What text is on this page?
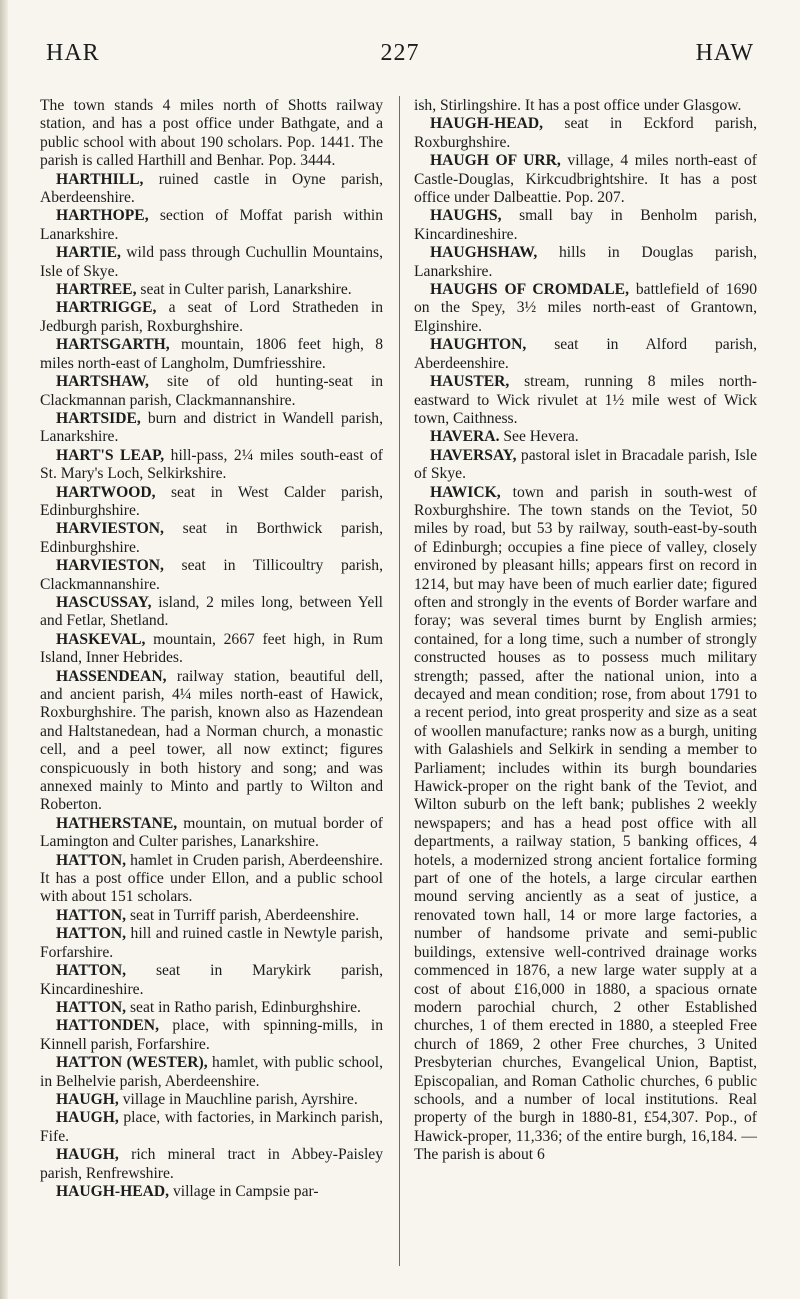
HAR	227	HAW

The town stands 4 miles north of Shotts railway station, and has a post office under Bathgate, and a public school with about 190 scholars. Pop. 1441. The parish is called Harthill and Benhar. Pop. 3444.

HARTHILL, ruined castle in Oyne parish, Aberdeenshire.

HARTHOPE, section of Moffat parish within Lanarkshire.

HARTIE, wild pass through Cuchullin Mountains, Isle of Skye.

HARTREE, seat in Culter parish, Lanarkshire.

HARTRIGGE, a seat of Lord Stratheden in Jedburgh parish, Roxburghshire.

HARTSGARTH, mountain, 1806 feet high, 8 miles north-east of Langholm, Dumfriesshire.

HARTSHAW, site of old hunting-seat in Clackmannan parish, Clackmannanshire.

HARTSIDE, burn and district in Wandell parish, Lanarkshire.

HART'S LEAP, hill-pass, 2¼ miles south-east of St. Mary's Loch, Selkirkshire.

HARTWOOD, seat in West Calder parish, Edinburghshire.

HARVIESTON, seat in Borthwick parish, Edinburghshire.

HARVIESTON, seat in Tillicoultry parish, Clackmannanshire.

HASCUSSAY, island, 2 miles long, between Yell and Fetlar, Shetland.

HASKEVAL, mountain, 2667 feet high, in Rum Island, Inner Hebrides.

HASSENDEAN, railway station, beautiful dell, and ancient parish, 4¼ miles north-east of Hawick, Roxburghshire. The parish, known also as Hazendean and Haltstanedean, had a Norman church, a monastic cell, and a peel tower, all now extinct; figures conspicuously in both history and song; and was annexed mainly to Minto and partly to Wilton and Roberton.

HATHERSTANE, mountain, on mutual border of Lamington and Culter parishes, Lanarkshire.

HATTON, hamlet in Cruden parish, Aberdeenshire. It has a post office under Ellon, and a public school with about 151 scholars.

HATTON, seat in Turriff parish, Aberdeenshire.

HATTON, hill and ruined castle in Newtyle parish, Forfarshire.

HATTON, seat in Marykirk parish, Kincardineshire.

HATTON, seat in Ratho parish, Edinburghshire.

HATTONDEN, place, with spinning-mills, in Kinnell parish, Forfarshire.

HATTON (WESTER), hamlet, with public school, in Belhelvie parish, Aberdeenshire.

HAUGH, village in Mauchline parish, Ayrshire.

HAUGH, place, with factories, in Markinch parish, Fife.

HAUGH, rich mineral tract in Abbey-Paisley parish, Renfrewshire.

HAUGH-HEAD, village in Campsie par-

ish, Stirlingshire. It has a post office under Glasgow.

HAUGH-HEAD, seat in Eckford parish, Roxburghshire.

HAUGH OF URR, village, 4 miles north-east of Castle-Douglas, Kirkcudbrightshire. It has a post office under Dalbeattie. Pop. 207.

HAUGHS, small bay in Benholm parish, Kincardineshire.

HAUGHSHAW, hills in Douglas parish, Lanarkshire.

HAUGHS OF CROMDALE, battlefield of 1690 on the Spey, 3½ miles north-east of Grantown, Elginshire.

HAUGHTON, seat in Alford parish, Aberdeenshire.

HAUSTER, stream, running 8 miles north-eastward to Wick rivulet at 1½ mile west of Wick town, Caithness.

HAVERA. See Hevera.

HAVERSAY, pastoral islet in Bracadale parish, Isle of Skye.

HAWICK, town and parish in south-west of Roxburghshire. The town stands on the Teviot, 50 miles by road, but 53 by railway, south-east-by-south of Edinburgh; occupies a fine piece of valley, closely environed by pleasant hills; appears first on record in 1214, but may have been of much earlier date; figured often and strongly in the events of Border warfare and foray; was several times burnt by English armies; contained, for a long time, such a number of strongly constructed houses as to possess much military strength; passed, after the national union, into a decayed and mean condition; rose, from about 1791 to a recent period, into great prosperity and size as a seat of woollen manufacture; ranks now as a burgh, uniting with Galashiels and Selkirk in sending a member to Parliament; includes within its burgh boundaries Hawick-proper on the right bank of the Teviot, and Wilton suburb on the left bank; publishes 2 weekly newspapers; and has a head post office with all departments, a railway station, 5 banking offices, 4 hotels, a modernized strong ancient fortalice forming part of one of the hotels, a large circular earthen mound serving anciently as a seat of justice, a renovated town hall, 14 or more large factories, a number of handsome private and semi-public buildings, extensive well-contrived drainage works commenced in 1876, a new large water supply at a cost of about £16,000 in 1880, a spacious ornate modern parochial church, 2 other Established churches, 1 of them erected in 1880, a steepled Free church of 1869, 2 other Free churches, 3 United Presbyterian churches, Evangelical Union, Baptist, Episcopalian, and Roman Catholic churches, 6 public schools, and a number of local institutions. Real property of the burgh in 1880-81, £54,307. Pop., of Hawick-proper, 11,336; of the entire burgh, 16,184. — The parish is about 6
